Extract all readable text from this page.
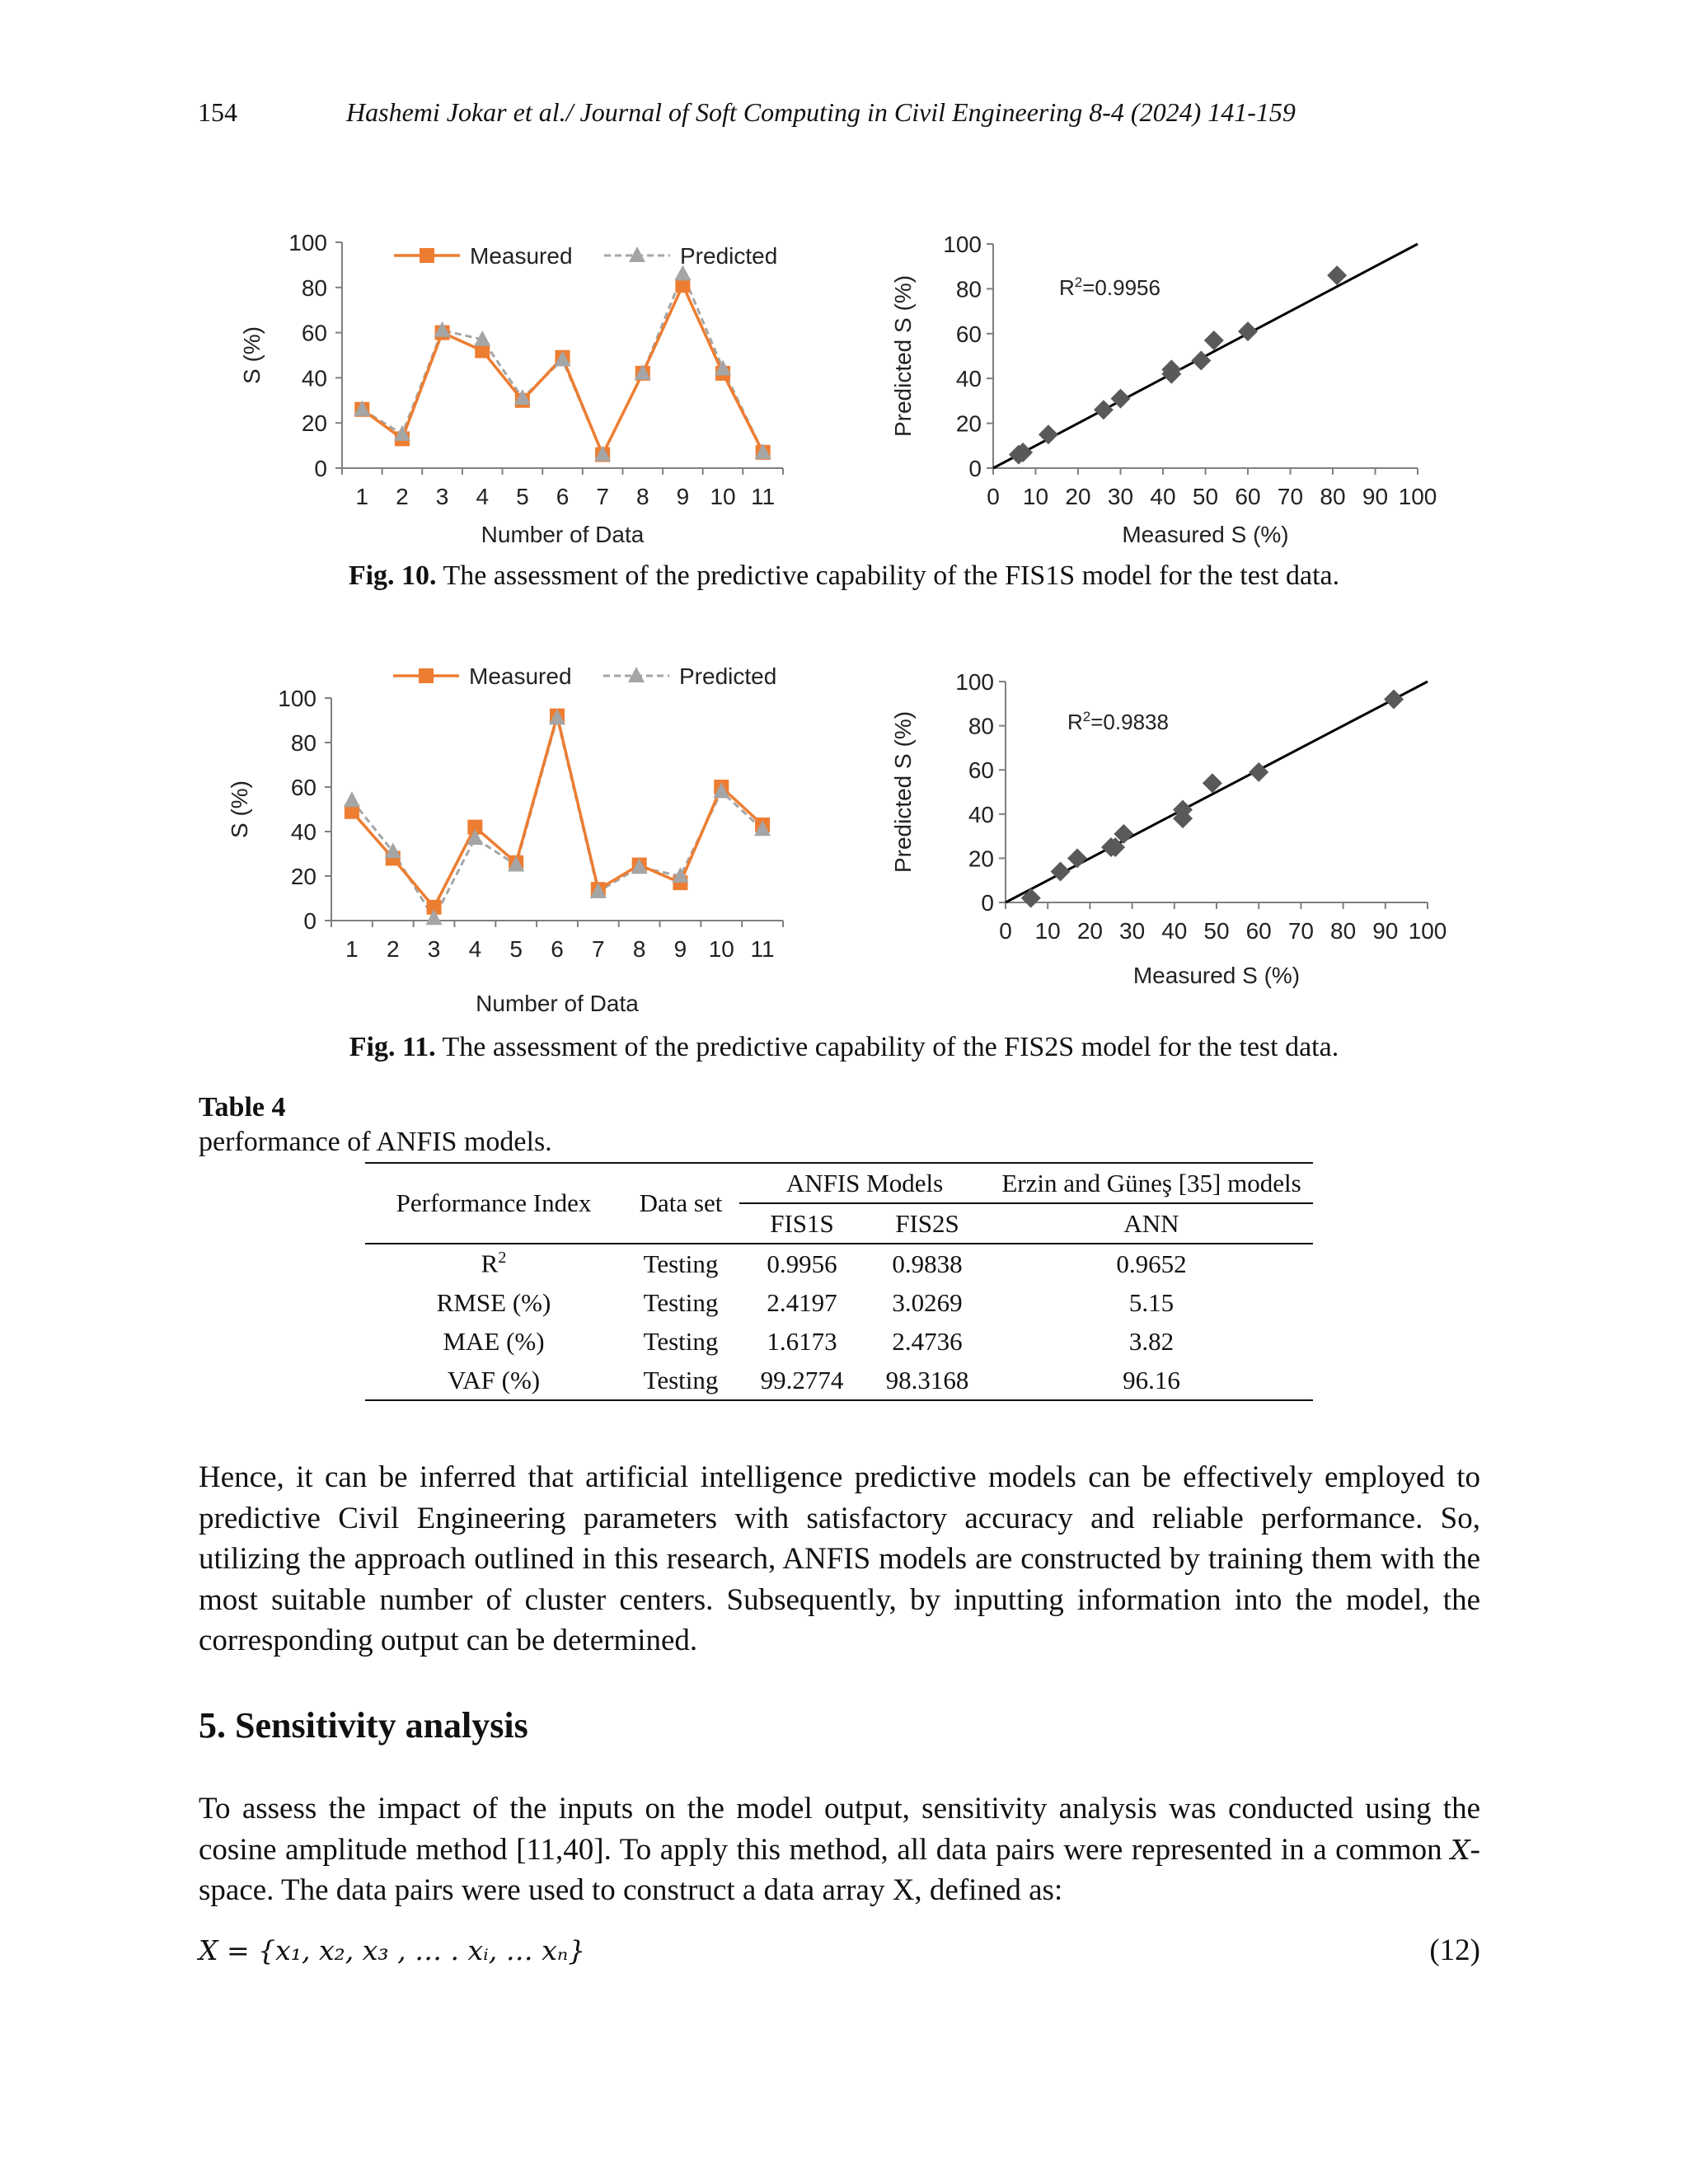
154	Hashemi Jokar et al./ Journal of Soft Computing in Civil Engineering 8-4 (2024) 141-159
0
20
40
60
80
100
1 2 3 4 5 6 7 8 9 10 11
Number of Data
S (%)
Measured	Predicted
0
20
40
60
80
100
0 10 20 30 40 50 60 70 80 90 100
Measured S (%)
Predicted S (%)	$R^2=0.9956$
Fig. 10. The assessment of the predictive capability of the FIS1S model for the test data.
0
20
40
60
80
100
1 2 3 4 5 6 7 8 9 10 11
Number of Data
S (%)
Measured	Predicted
0
20
40
60
80
100
0 10 20 30 40 50 60 70 80 90 100
Measured S (%)
Predicted S (%)	$R^2=0.9838$
Fig. 11. The assessment of the predictive capability of the FIS2S model for the test data.
Table 4
performance of ANFIS models.
Performance Index	Data set	ANFIS Models		Erzin and Güneş [35] models
		FIS1S	FIS2S	ANN
$R^2$	Testing	0.9956	0.9838	0.9652
RMSE (%)	Testing	2.4197	3.0269	5.15
MAE (%)	Testing	1.6173	2.4736	3.82
VAF (%)	Testing	99.2774	98.3168	96.16

Hence, it can be inferred that artificial intelligence predictive models can be effectively employed to predictive Civil Engineering parameters with satisfactory accuracy and reliable performance. So, utilizing the approach outlined in this research, ANFIS models are constructed by training them with the most suitable number of cluster centers. Subsequently, by inputting information into the model, the corresponding output can be determined.

5. Sensitivity analysis

To assess the impact of the inputs on the model output, sensitivity analysis was conducted using the cosine amplitude method [11,40]. To apply this method, all data pairs were represented in a common X-space. The data pairs were used to construct a data array X, defined as:

X = {x₁, x₂, x₃ , … . xᵢ, … xₙ}	(12)
